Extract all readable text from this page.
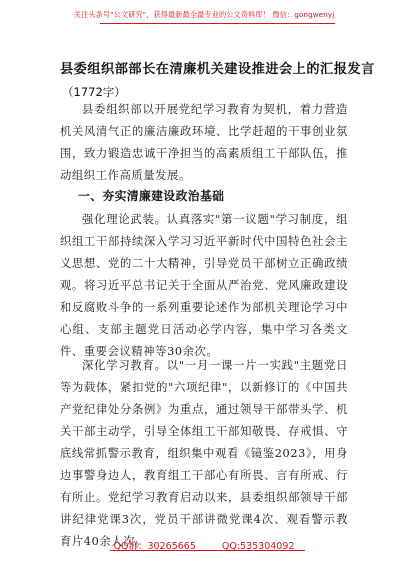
关注头条号"公文研究"，获得最新最全最专业的公文资料库！ 微信：gongwenyj
县委组织部部长在清廉机关建设推进会上的汇报发言
（1772字）

县委组织部以开展党纪学习教育为契机，着力营造机关风清气正的廉洁廉政环境、比学赶超的干事创业氛围，致力锻造忠诚干净担当的高素质组工干部队伍，推动组织工作高质量发展。

一、夯实清廉建设政治基础

强化理论武装。认真落实"第一议题"学习制度，组织组工干部持续深入学习习近平新时代中国特色社会主义思想、党的二十大精神，引导党员干部树立正确政绩观。将习近平总书记关于全面从严治党、党风廉政建设和反腐败斗争的一系列重要论述作为部机关理论学习中心组、支部主题党日活动必学内容，集中学习各类文件、重要会议精神等30余次。

深化学习教育。以"一月一课一片一实践"主题党日等为载体，紧扣党的"六项纪律"，以新修订的《中国共产党纪律处分条例》为重点，通过领导干部带头学、机关干部主动学，引导全体组工干部知敬畏、存戒惧、守底线常抓警示教育，组织集中观看《镜鉴2023》，用身边事警身边人，教育组工干部心有所畏、言有所戒、行有所止。党纪学习教育启动以来，县委组织部领导干部讲纪律党课3次，党员干部讲微党课4次、观看警示教育片40余人次。

QQ群：30265665	QQ:535304092
